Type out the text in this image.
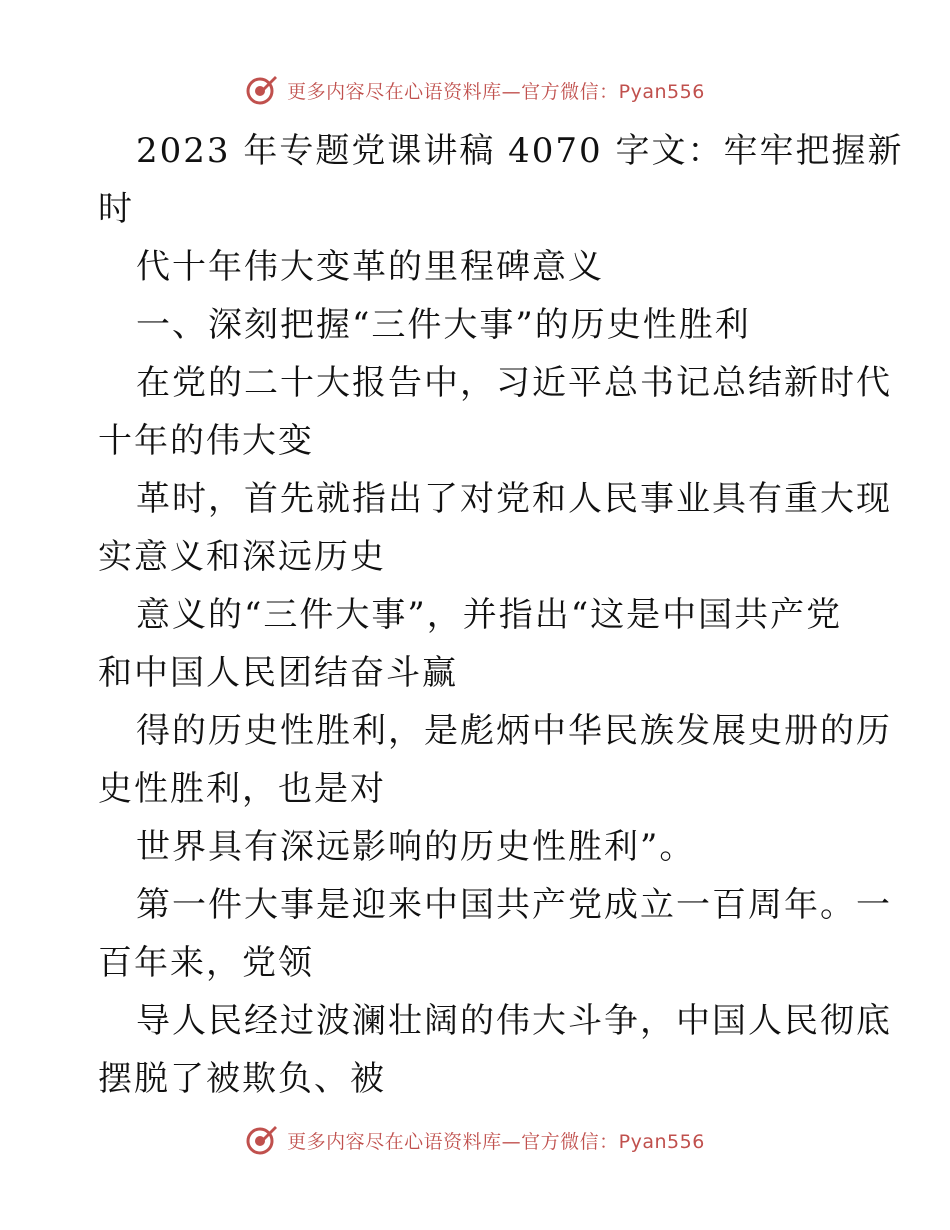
更多内容尽在心语资料库—官方微信：Pyan556
2023 年专题党课讲稿 4070 字文：牢牢把握新
时
代十年伟大变革的里程碑意义
一、深刻把握“三件大事”的历史性胜利
在党的二十大报告中，习近平总书记总结新时代
十年的伟大变
革时，首先就指出了对党和人民事业具有重大现
实意义和深远历史
意义的“三件大事”，并指出“这是中国共产党
和中国人民团结奋斗赢
得的历史性胜利，是彪炳中华民族发展史册的历
史性胜利，也是对
世界具有深远影响的历史性胜利”。
第一件大事是迎来中国共产党成立一百周年。一
百年来，党领
导人民经过波澜壮阔的伟大斗争，中国人民彻底
摆脱了被欺负、被
更多内容尽在心语资料库—官方微信：Pyan556
